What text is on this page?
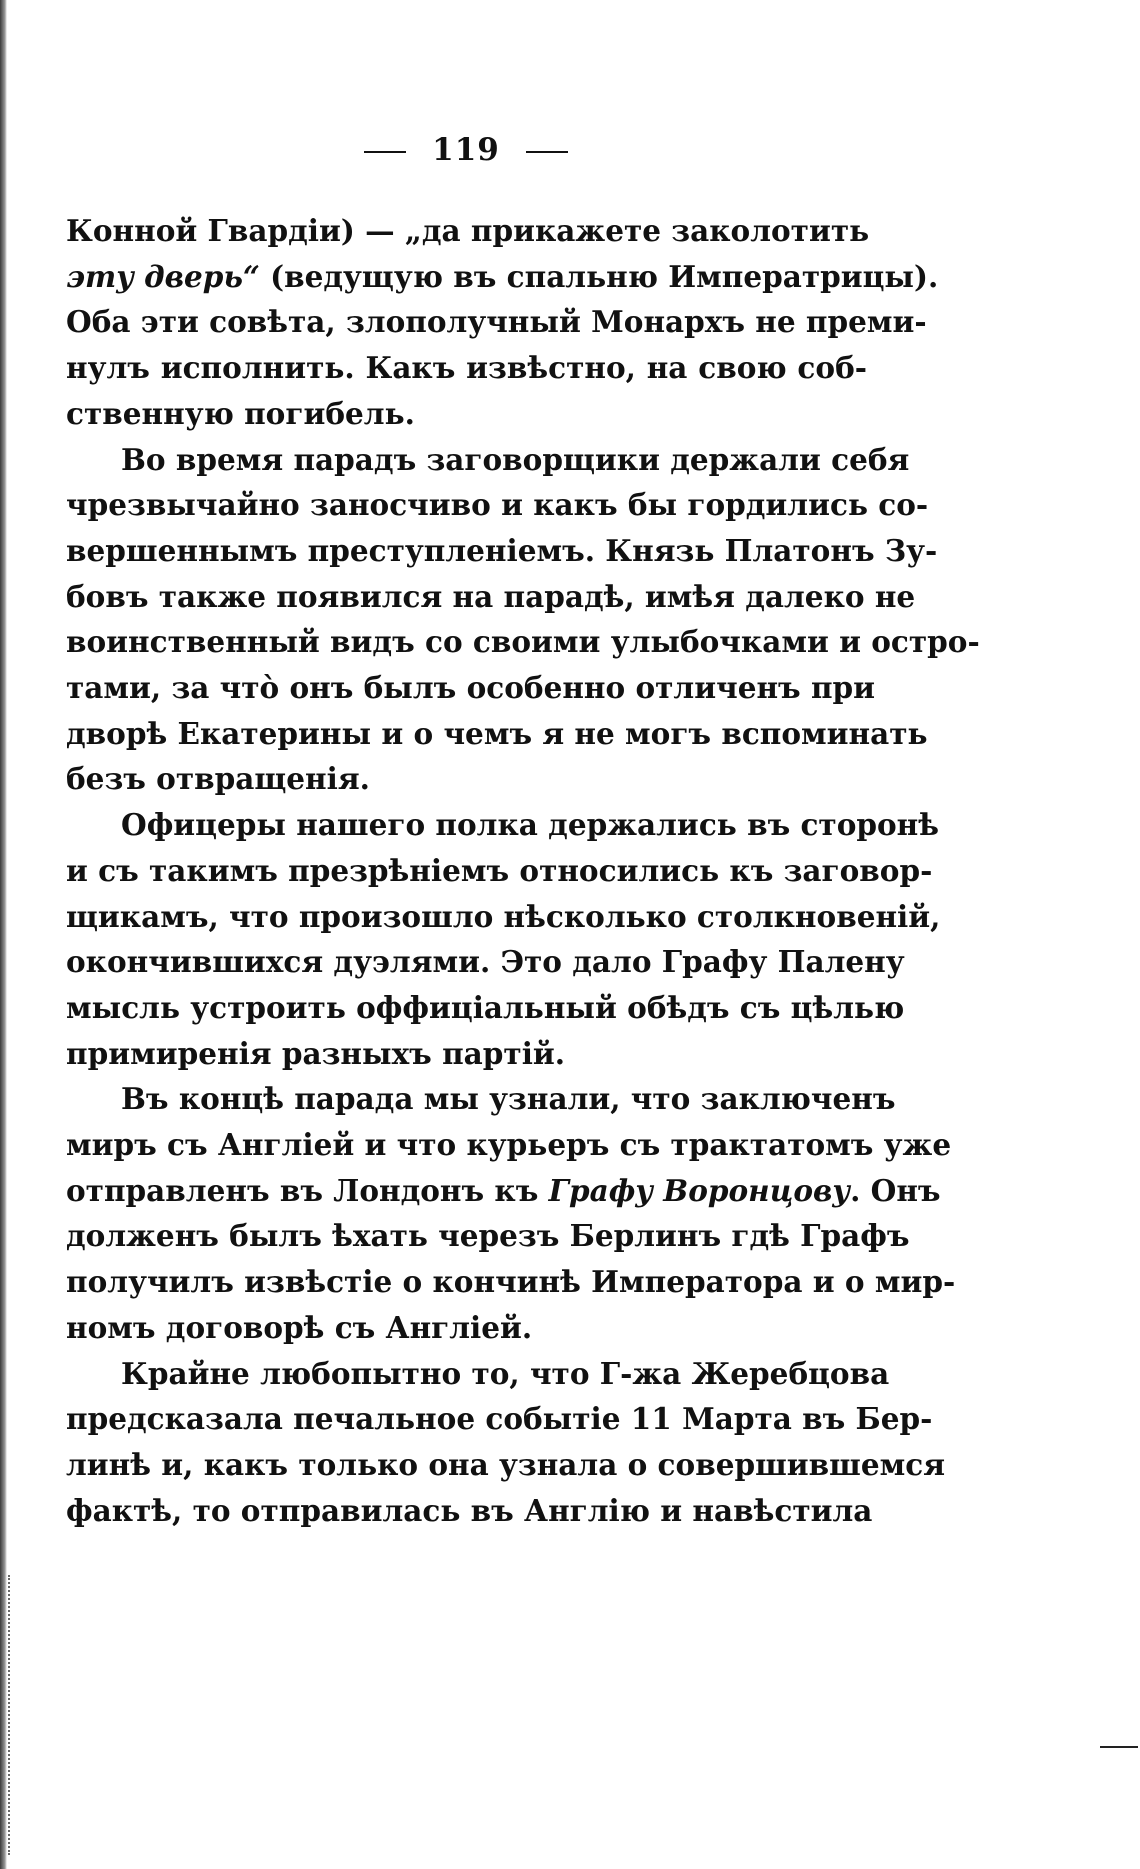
119
Конной Гвардіи) — „да прикажете заколотить
эту дверь“ (ведущую въ спальню Императрицы).
Оба эти совѣта, злополучный Монархъ не преми-
нулъ исполнить. Какъ извѣстно, на свою соб-
ственную погибель.
Во время парадъ заговорщики держали себя
чрезвычайно заносчиво и какъ бы гордились со-
вершеннымъ преступленіемъ. Князь Платонъ Зу-
бовъ также появился на парадѣ, имѣя далеко не
воинственный видъ со своими улыбочками и остро-
тами, за что̀ онъ былъ особенно отличенъ при
дворѣ Екатерины и о чемъ я не могъ вспоминать
безъ отвращенія.
Офицеры нашего полка держались въ сторонѣ
и съ такимъ презрѣніемъ относились къ заговор-
щикамъ, что произошло нѣсколько столкновеній,
окончившихся дуэлями. Это дало Графу Палену
мысль устроить оффиціальный обѣдъ съ цѣлью
примиренія разныхъ партій.
Въ концѣ парада мы узнали, что заключенъ
миръ съ Англіей и что курьеръ съ трактатомъ уже
отправленъ въ Лондонъ къ Графу Воронцову. Онъ
долженъ былъ ѣхать черезъ Берлинъ гдѣ Графъ
получилъ извѣстіе о кончинѣ Императора и о мир-
номъ договорѣ съ Англіей.
Крайне любопытно то, что Г-жа Жеребцова
предсказала печальное событіе 11 Марта въ Бер-
линѣ и, какъ только она узнала о совершившемся
фактѣ, то отправилась въ Англію и навѣстила
